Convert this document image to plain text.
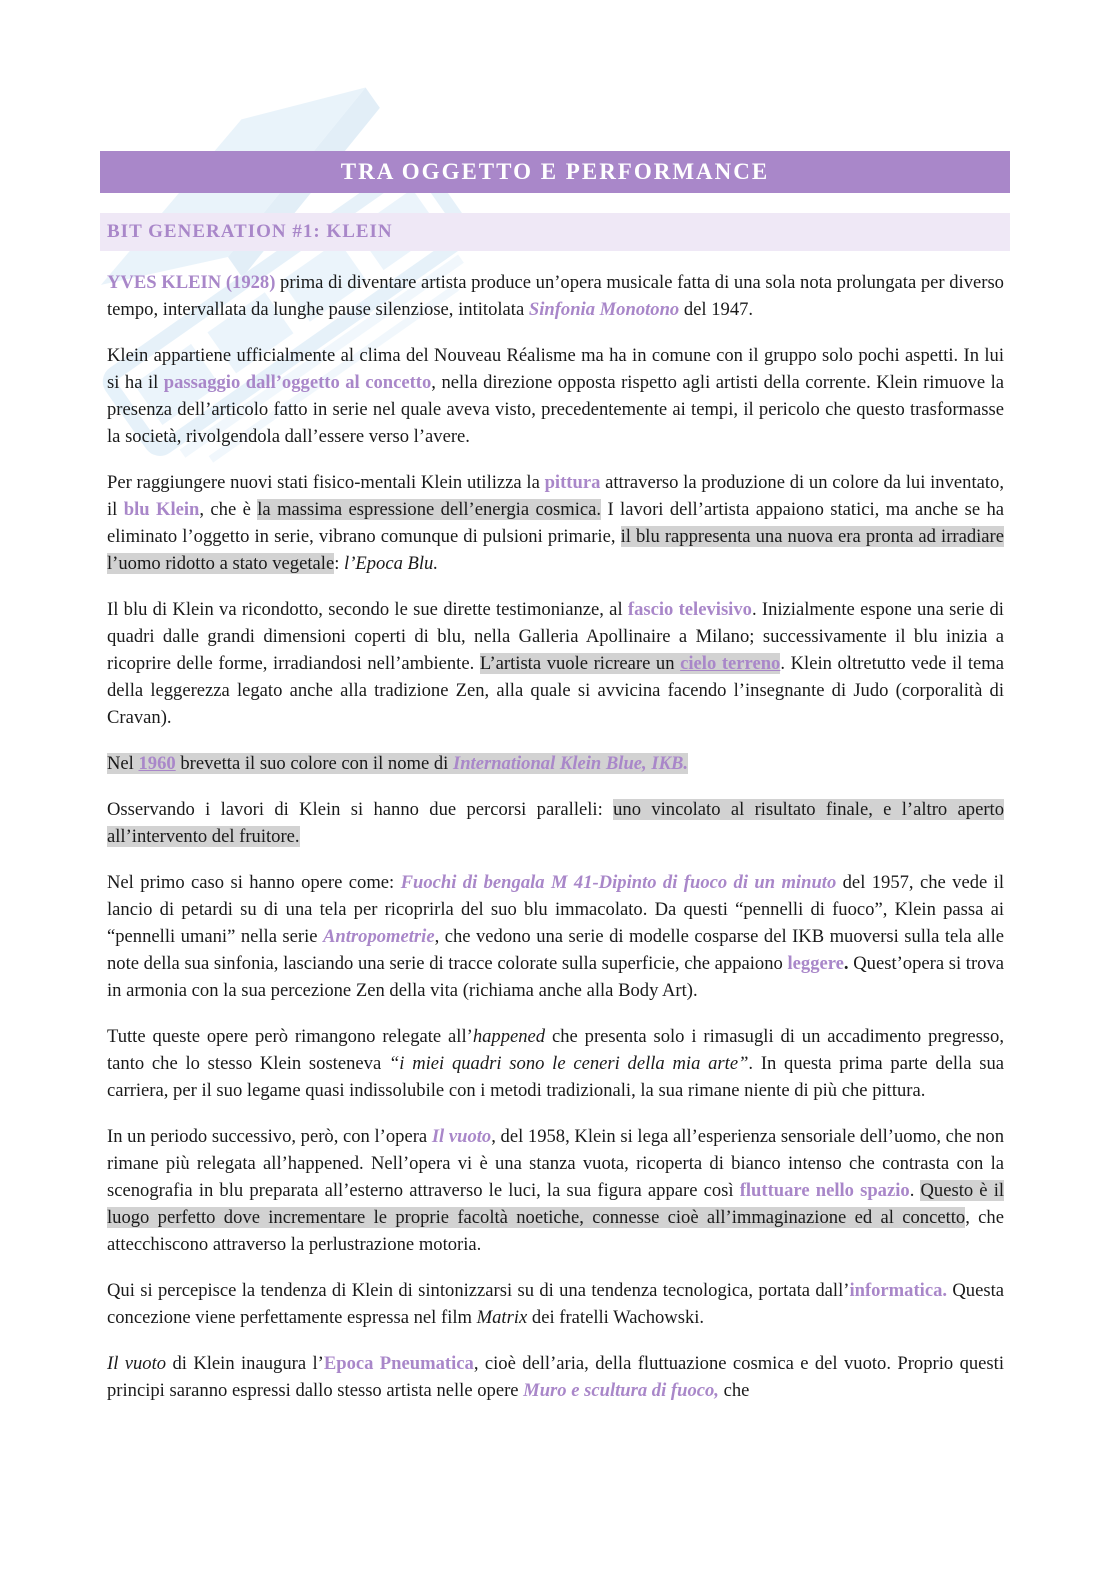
TRA OGGETTO E PERFORMANCE
BIT GENERATION #1: KLEIN

YVES KLEIN (1928) prima di diventare artista produce un’opera musicale fatta di una sola nota prolungata per diverso tempo, intervallata da lunghe pause silenziose, intitolata Sinfonia Monotono del 1947.

Klein appartiene ufficialmente al clima del Nouveau Réalisme ma ha in comune con il gruppo solo pochi aspetti. In lui si ha il passaggio dall’oggetto al concetto, nella direzione opposta rispetto agli artisti della corrente. Klein rimuove la presenza dell’articolo fatto in serie nel quale aveva visto, precedentemente ai tempi, il pericolo che questo trasformasse la società, rivolgendola dall’essere verso l’avere.

Per raggiungere nuovi stati fisico-mentali Klein utilizza la pittura attraverso la produzione di un colore da lui inventato, il blu Klein, che è la massima espressione dell’energia cosmica. I lavori dell’artista appaiono statici, ma anche se ha eliminato l’oggetto in serie, vibrano comunque di pulsioni primarie, il blu rappresenta una nuova era pronta ad irradiare l’uomo ridotto a stato vegetale: l’Epoca Blu.

Il blu di Klein va ricondotto, secondo le sue dirette testimonianze, al fascio televisivo. Inizialmente espone una serie di quadri dalle grandi dimensioni coperti di blu, nella Galleria Apollinaire a Milano; successivamente il blu inizia a ricoprire delle forme, irradiandosi nell’ambiente. L’artista vuole ricreare un cielo terreno. Klein oltretutto vede il tema della leggerezza legato anche alla tradizione Zen, alla quale si avvicina facendo l’insegnante di Judo (corporalità di Cravan).

Nel 1960 brevetta il suo colore con il nome di International Klein Blue, IKB.

Osservando i lavori di Klein si hanno due percorsi paralleli: uno vincolato al risultato finale, e l’altro aperto all’intervento del fruitore.

Nel primo caso si hanno opere come: Fuochi di bengala M 41-Dipinto di fuoco di un minuto del 1957, che vede il lancio di petardi su di una tela per ricoprirla del suo blu immacolato. Da questi “pennelli di fuoco”, Klein passa ai “pennelli umani” nella serie Antropometrie, che vedono una serie di modelle cosparse del IKB muoversi sulla tela alle note della sua sinfonia, lasciando una serie di tracce colorate sulla superficie, che appaiono leggere. Quest’opera si trova in armonia con la sua percezione Zen della vita (richiama anche alla Body Art).

Tutte queste opere però rimangono relegate all’happened che presenta solo i rimasugli di un accadimento pregresso, tanto che lo stesso Klein sosteneva “i miei quadri sono le ceneri della mia arte”. In questa prima parte della sua carriera, per il suo legame quasi indissolubile con i metodi tradizionali, la sua rimane niente di più che pittura.

In un periodo successivo, però, con l’opera Il vuoto, del 1958, Klein si lega all’esperienza sensoriale dell’uomo, che non rimane più relegata all’happened. Nell’opera vi è una stanza vuota, ricoperta di bianco intenso che contrasta con la scenografia in blu preparata all’esterno attraverso le luci, la sua figura appare così fluttuare nello spazio. Questo è il luogo perfetto dove incrementare le proprie facoltà noetiche, connesse cioè all’immaginazione ed al concetto, che attecchiscono attraverso la perlustrazione motoria.

Qui si percepisce la tendenza di Klein di sintonizzarsi su di una tendenza tecnologica, portata dall’informatica. Questa concezione viene perfettamente espressa nel film Matrix dei fratelli Wachowski.

Il vuoto di Klein inaugura l’Epoca Pneumatica, cioè dell’aria, della fluttuazione cosmica e del vuoto. Proprio questi principi saranno espressi dallo stesso artista nelle opere Muro e scultura di fuoco, che
